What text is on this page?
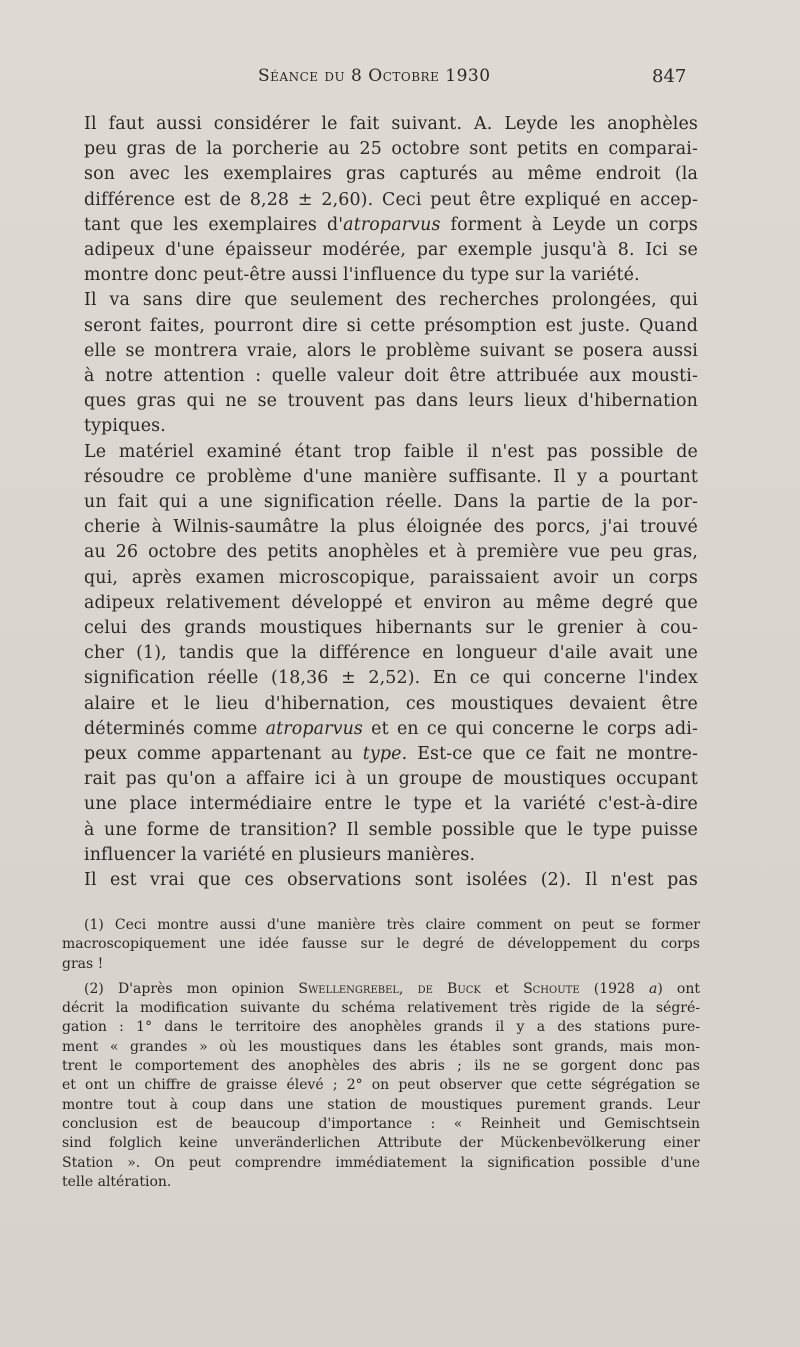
Séance du 8 Octobre 1930	847
Il faut aussi considérer le fait suivant. A. Leyde les anophèles
peu gras de la porcherie au 25 octobre sont petits en comparai-
son avec les exemplaires gras capturés au même endroit (la
différence est de 8,28 ± 2,60). Ceci peut être expliqué en accep-
tant que les exemplaires d'atroparvus forment à Leyde un corps
adipeux d'une épaisseur modérée, par exemple jusqu'à 8. Ici se
montre donc peut-être aussi l'influence du type sur la variété.
Il va sans dire que seulement des recherches prolongées, qui
seront faites, pourront dire si cette présomption est juste. Quand
elle se montrera vraie, alors le problème suivant se posera aussi
à notre attention : quelle valeur doit être attribuée aux mousti-
ques gras qui ne se trouvent pas dans leurs lieux d'hibernation
typiques.
Le matériel examiné étant trop faible il n'est pas possible de
résoudre ce problème d'une manière suffisante. Il y a pourtant
un fait qui a une signification réelle. Dans la partie de la por-
cherie à Wilnis-saumâtre la plus éloignée des porcs, j'ai trouvé
au 26 octobre des petits anophèles et à première vue peu gras,
qui, après examen microscopique, paraissaient avoir un corps
adipeux relativement développé et environ au même degré que
celui des grands moustiques hibernants sur le grenier à cou-
cher (1), tandis que la différence en longueur d'aile avait une
signification réelle (18,36 ± 2,52). En ce qui concerne l'index
alaire et le lieu d'hibernation, ces moustiques devaient être
déterminés comme atroparvus et en ce qui concerne le corps adi-
peux comme appartenant au type. Est-ce que ce fait ne montre-
rait pas qu'on a affaire ici à un groupe de moustiques occupant
une place intermédiaire entre le type et la variété c'est-à-dire
à une forme de transition? Il semble possible que le type puisse
influencer la variété en plusieurs manières.
Il est vrai que ces observations sont isolées (2). Il n'est pas
(1) Ceci montre aussi d'une manière très claire comment on peut se former
macroscopiquement une idée fausse sur le degré de développement du corps
gras !
(2) D'après mon opinion Swellengrebel, de Buck et Schoute (1928 a) ont
décrit la modification suivante du schéma relativement très rigide de la ségré-
gation : 1° dans le territoire des anophèles grands il y a des stations pure-
ment « grandes » où les moustiques dans les étables sont grands, mais mon-
trent le comportement des anophèles des abris ; ils ne se gorgent donc pas
et ont un chiffre de graisse élevé ; 2° on peut observer que cette ségrégation se
montre tout à coup dans une station de moustiques purement grands. Leur
conclusion est de beaucoup d'importance : « Reinheit und Gemischtsein
sind folglich keine unveränderlichen Attribute der Mückenbevölkerung einer
Station ». On peut comprendre immédiatement la signification possible d'une
telle altération.
